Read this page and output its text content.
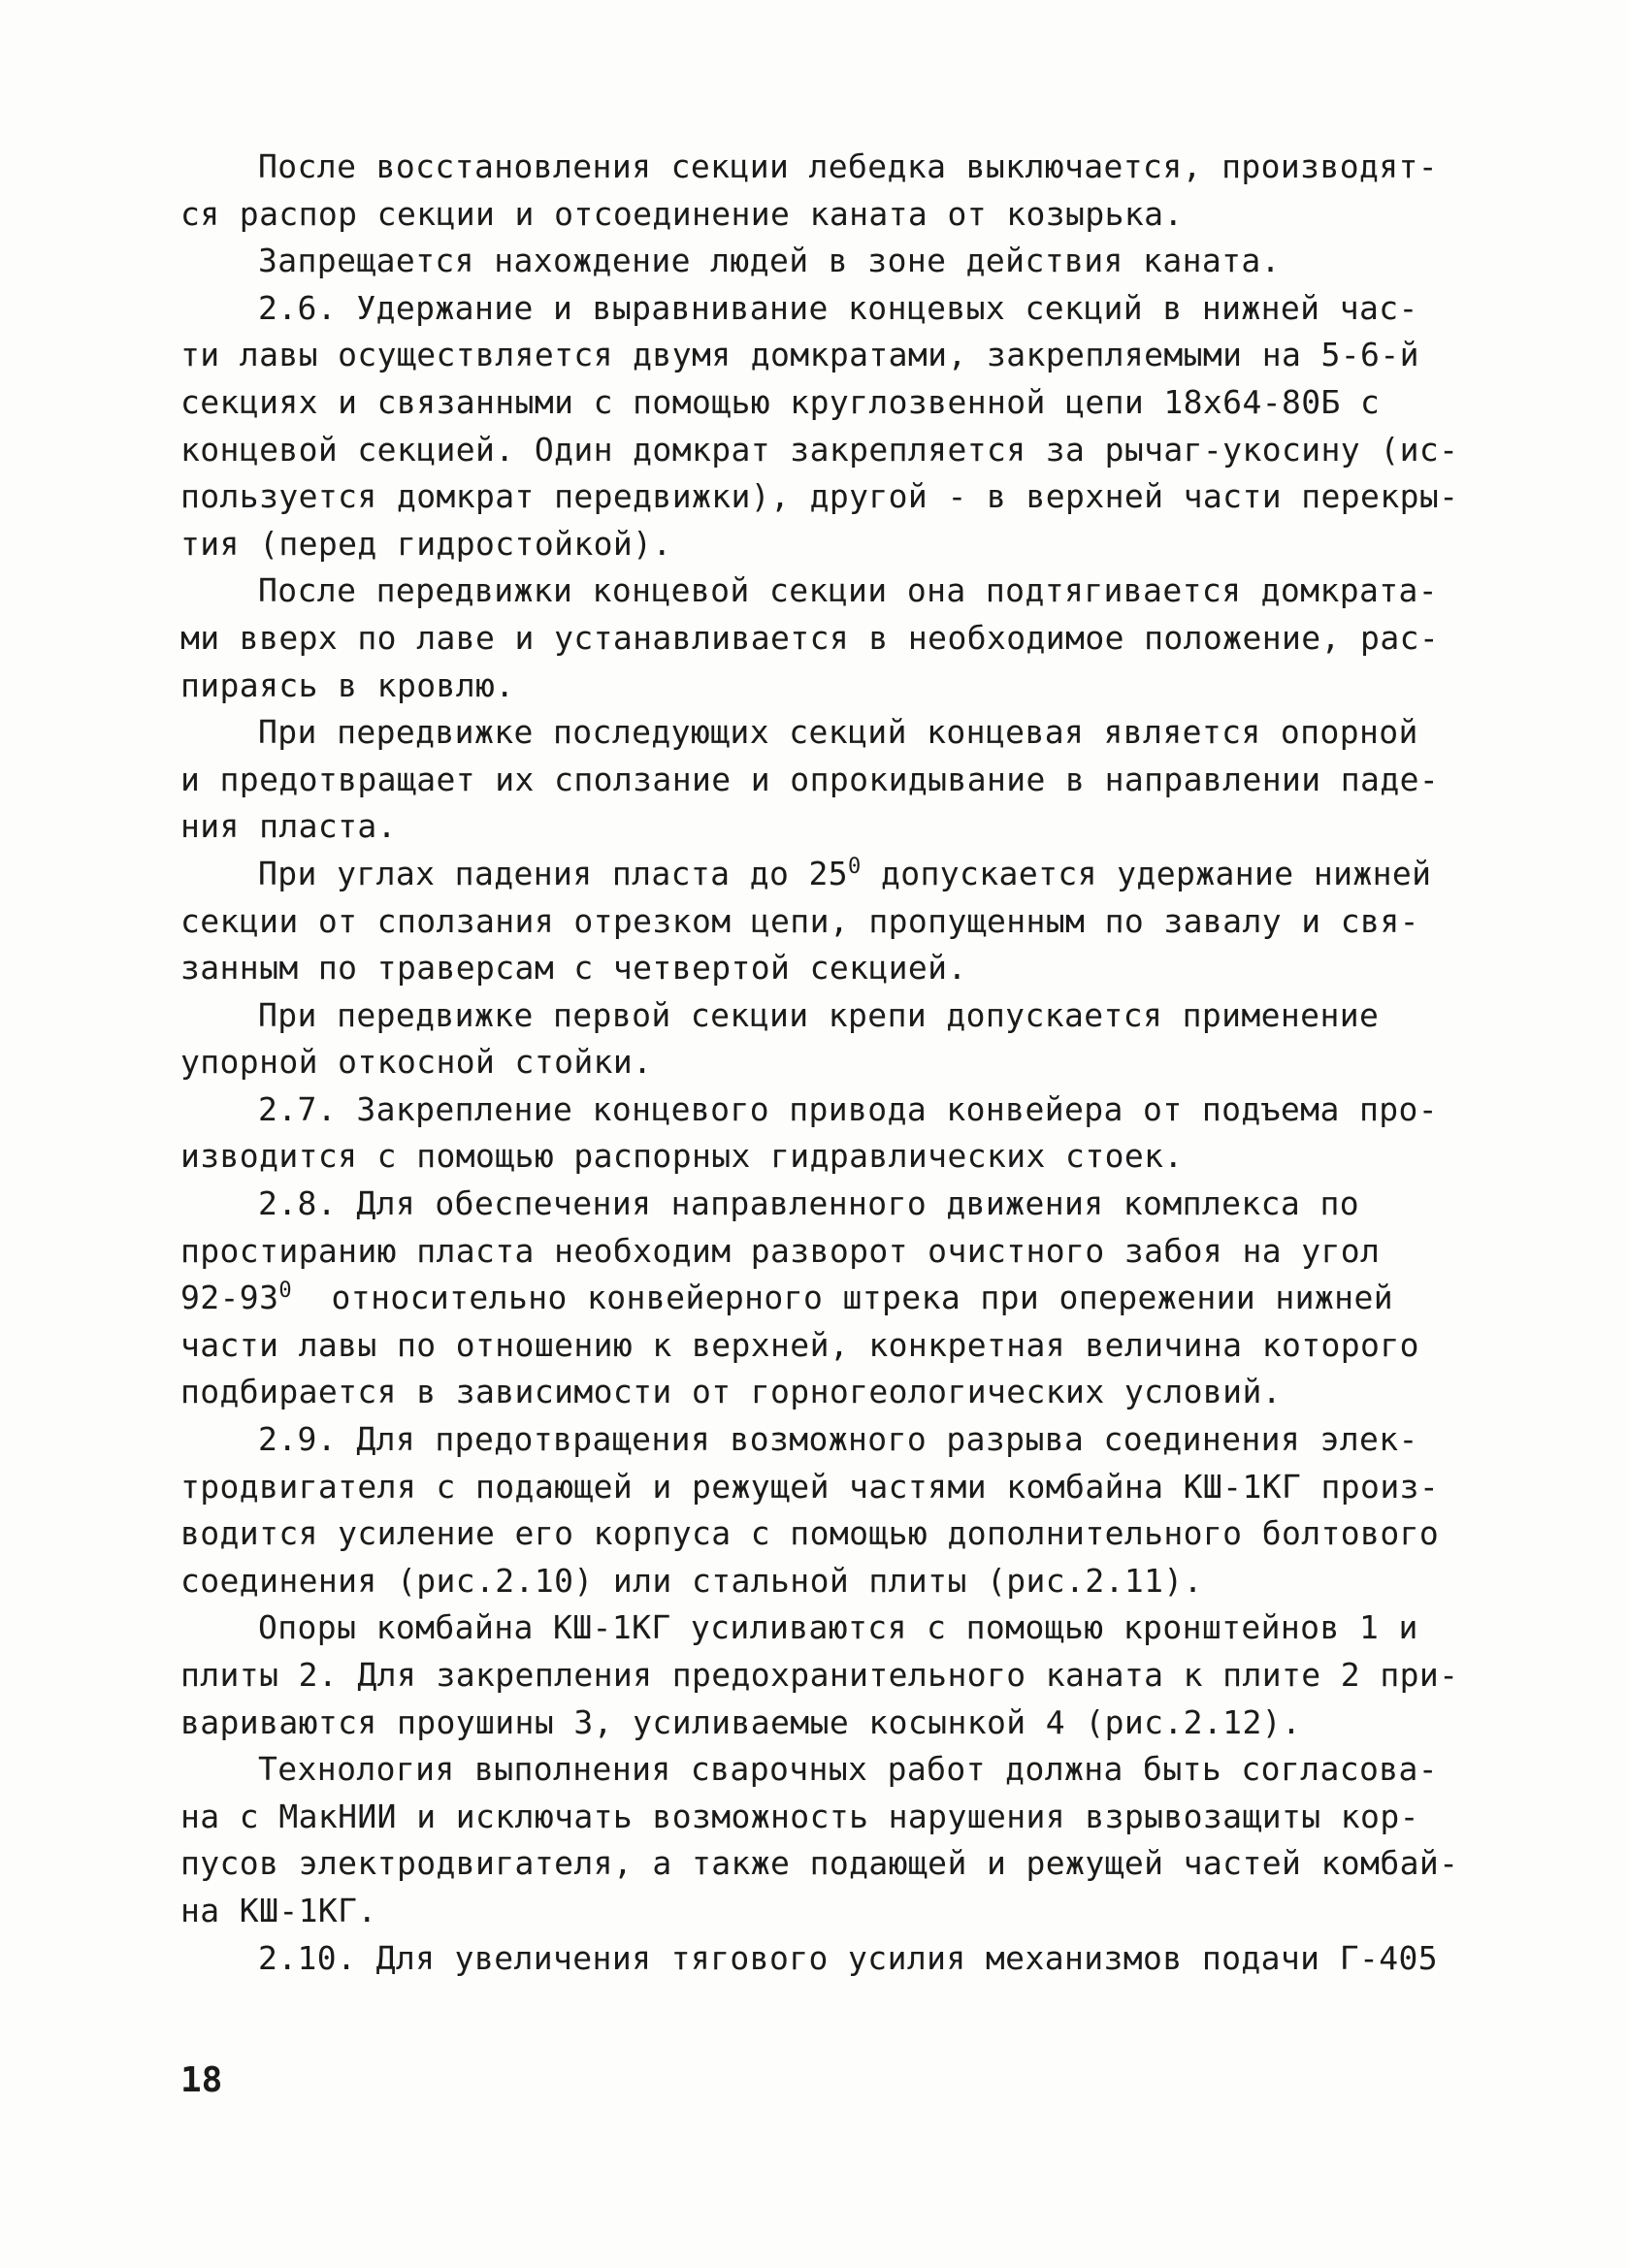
После восстановления секции лебедка выключается, производят-
ся распор секции и отсоединение каната от козырька.
Запрещается нахождение людей в зоне действия каната.
2.6. Удержание и выравнивание концевых секций в нижней час-
ти лавы осуществляется двумя домкратами, закрепляемыми на 5-6-й
секциях и связанными с помощью круглозвенной цепи 18x64-80Б с
концевой секцией. Один домкрат закрепляется за рычаг-укосину (ис-
пользуется домкрат передвижки), другой - в верхней части перекры-
тия (перед гидростойкой).
После передвижки концевой секции она подтягивается домкрата-
ми вверх по лаве и устанавливается в необходимое положение, рас-
пираясь в кровлю.
При передвижке последующих секций концевая является опорной
и предотвращает их сползание и опрокидывание в направлении паде-
ния пласта.
При углах падения пласта до $25^0$ допускается удержание нижней
секции от сползания отрезком цепи, пропущенным по завалу и свя-
занным по траверсам с четвертой секцией.
При передвижке первой секции крепи допускается применение
упорной откосной стойки.
2.7. Закрепление концевого привода конвейера от подъема про-
изводится с помощью распорных гидравлических стоек.
2.8. Для обеспечения направленного движения комплекса по
простиранию пласта необходим разворот очистного забоя на угол
$92-93^0$  относительно конвейерного штрека при опережении нижней
части лавы по отношению к верхней, конкретная величина которого
подбирается в зависимости от горногеологических условий.
2.9. Для предотвращения возможного разрыва соединения элек-
тродвигателя с подающей и режущей частями комбайна КШ-1КГ произ-
водится усиление его корпуса с помощью дополнительного болтового
соединения (рис.2.10) или стальной плиты (рис.2.11).
Опоры комбайна КШ-1КГ усиливаются с помощью кронштейнов 1 и
плиты 2. Для закрепления предохранительного каната к плите 2 при-
вариваются проушины 3, усиливаемые косынкой 4 (рис.2.12).
Технология выполнения сварочных работ должна быть согласова-
на с МакНИИ и исключать возможность нарушения взрывозащиты кор-
пусов электродвигателя, а также подающей и режущей частей комбай-
на КШ-1КГ.
2.10. Для увеличения тягового усилия механизмов подачи Г-405
18
